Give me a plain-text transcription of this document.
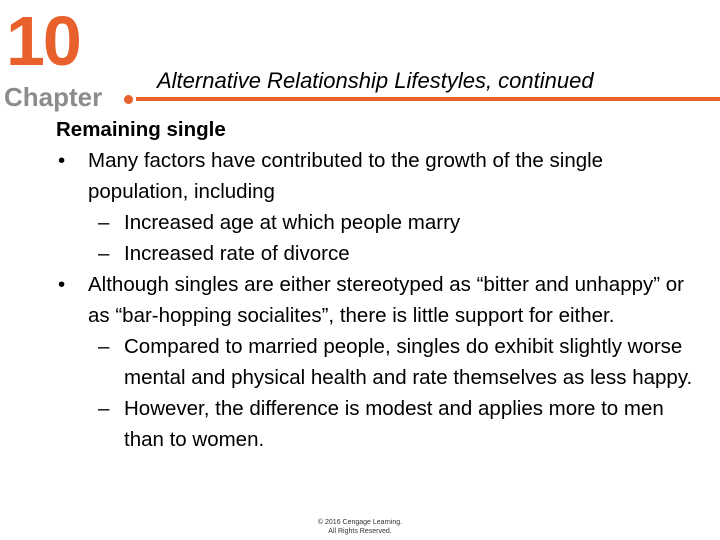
10
Chapter
Alternative Relationship Lifestyles, continued
Remaining single
• Many factors have contributed to the growth of the single population, including
– Increased age at which people marry
– Increased rate of divorce
• Although singles are either stereotyped as “bitter and unhappy” or as “bar-hopping socialites”, there is little support for either.
– Compared to married people, singles do exhibit slightly worse mental and physical health and rate themselves as less happy.
– However, the difference is modest and applies more to men than to women.
© 2016 Cengage Learning.
All Rights Reserved.
